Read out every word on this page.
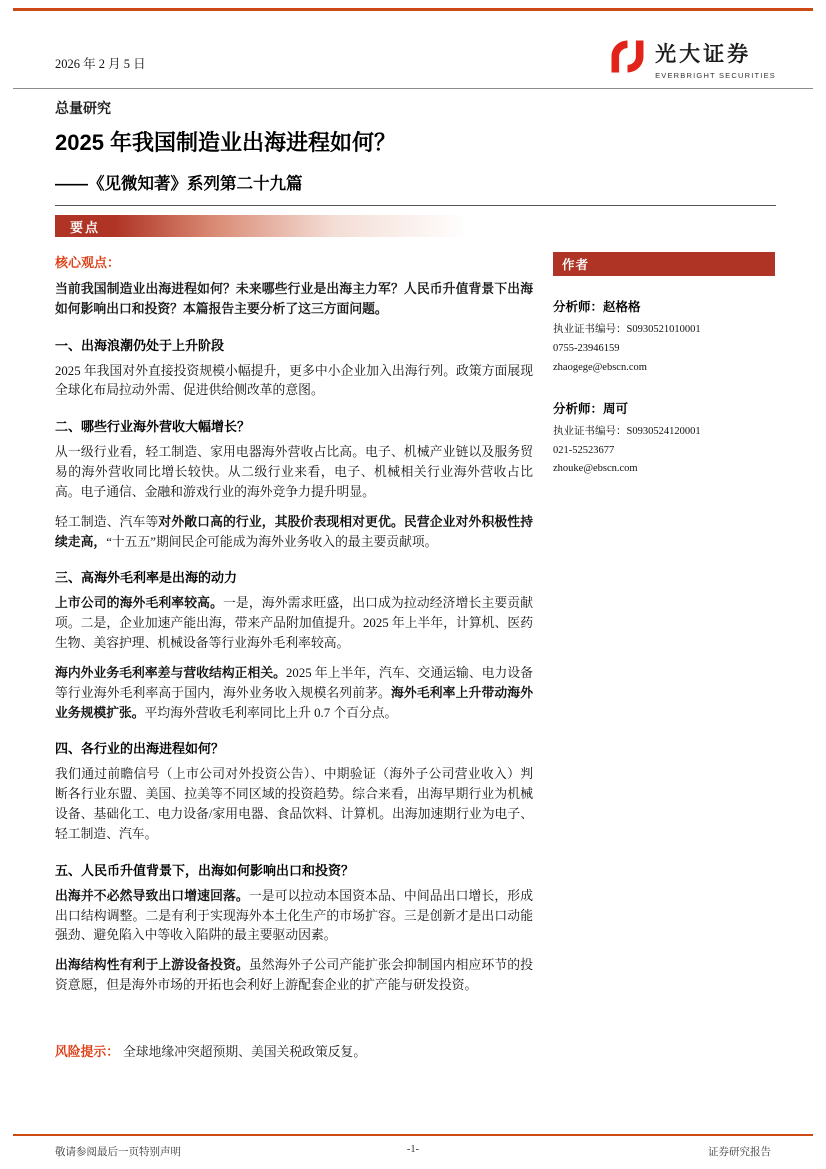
2026 年 2 月 5 日	光大证券
EVERBRIGHT SECURITIES
总量研究
2025 年我国制造业出海进程如何？
——《见微知著》系列第二十九篇
要点
核心观点：

当前我国制造业出海进程如何？未来哪些行业是出海主力军？人民币升值背景下出海如何影响出口和投资？本篇报告主要分析了这三方面问题。

一、出海浪潮仍处于上升阶段

2025 年我国对外直接投资规模小幅提升，更多中小企业加入出海行列。政策方面展现全球化布局拉动外需、促进供给侧改革的意图。

二、哪些行业海外营收大幅增长？

从一级行业看，轻工制造、家用电器海外营收占比高。电子、机械产业链以及服务贸易的海外营收同比增长较快。从二级行业来看，电子、机械相关行业海外营收占比高。电子通信、金融和游戏行业的海外竞争力提升明显。

轻工制造、汽车等对外敞口高的行业，其股价表现相对更优。民营企业对外积极性持续走高，“十五五”期间民企可能成为海外业务收入的最主要贡献项。

三、高海外毛利率是出海的动力

上市公司的海外毛利率较高。一是，海外需求旺盛，出口成为拉动经济增长主要贡献项。二是，企业加速产能出海，带来产品附加值提升。2025 年上半年，计算机、医药生物、美容护理、机械设备等行业海外毛利率较高。

海内外业务毛利率差与营收结构正相关。2025 年上半年，汽车、交通运输、电力设备等行业海外毛利率高于国内，海外业务收入规模名列前茅。海外毛利率上升带动海外业务规模扩张。平均海外营收毛利率同比上升 0.7 个百分点。

四、各行业的出海进程如何？

我们通过前瞻信号（上市公司对外投资公告）、中期验证（海外子公司营业收入）判断各行业东盟、美国、拉美等不同区域的投资趋势。综合来看，出海早期行业为机械设备、基础化工、电力设备/家用电器、食品饮料、计算机。出海加速期行业为电子、轻工制造、汽车。

五、人民币升值背景下，出海如何影响出口和投资？

出海并不必然导致出口增速回落。一是可以拉动本国资本品、中间品出口增长，形成出口结构调整。二是有利于实现海外本土化生产的市场扩容。三是创新才是出口动能强劲、避免陷入中等收入陷阱的最主要驱动因素。

出海结构性有利于上游设备投资。虽然海外子公司产能扩张会抑制国内相应环节的投资意愿，但是海外市场的开拓也会利好上游配套企业的扩产能与研发投资。

风险提示： 全球地缘冲突超预期、美国关税政策反复。

作者
分析师：赵格格
执业证书编号：S0930521010001
0755-23946159
zhaogege@ebscn.com
分析师：周可
执业证书编号：S0930524120001
021-52523677
zhouke@ebscn.com
敬请参阅最后一页特别声明	-1-	证券研究报告
